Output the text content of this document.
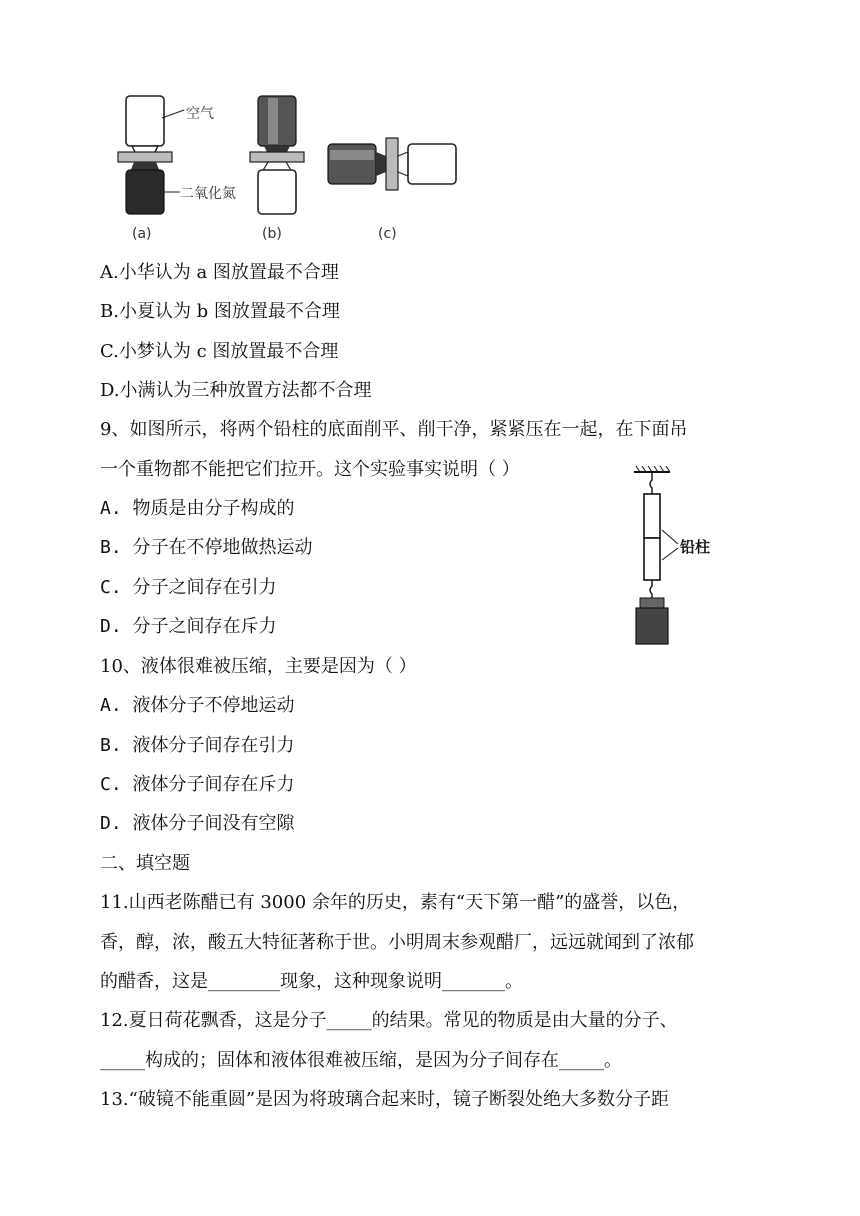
空气
二氧化氮
(a)	(b)	(c)
A.小华认为 a 图放置最不合理
B.小夏认为 b 图放置最不合理
C.小梦认为 c 图放置最不合理
D.小满认为三种放置方法都不合理
9、如图所示，将两个铅柱的底面削平、削干净，紧紧压在一起，在下面吊
一个重物都不能把它们拉开。这个实验事实说明（ ）
A. 物质是由分子构成的
B. 分子在不停地做热运动
C. 分子之间存在引力
D. 分子之间存在斥力
铅柱
10、液体很难被压缩，主要是因为（ ）
A. 液体分子不停地运动
B. 液体分子间存在引力
C. 液体分子间存在斥力
D. 液体分子间没有空隙
二、填空题
11.山西老陈醋已有 3000 余年的历史，素有“天下第一醋”的盛誉，以色，
香，醇，浓，酸五大特征著称于世。小明周末参观醋厂，远远就闻到了浓郁
的醋香，这是________现象，这种现象说明_______。
12.夏日荷花飘香，这是分子_____的结果。常见的物质是由大量的分子、
_____构成的；固体和液体很难被压缩，是因为分子间存在_____。
13.“破镜不能重圆”是因为将玻璃合起来时，镜子断裂处绝大多数分子距
